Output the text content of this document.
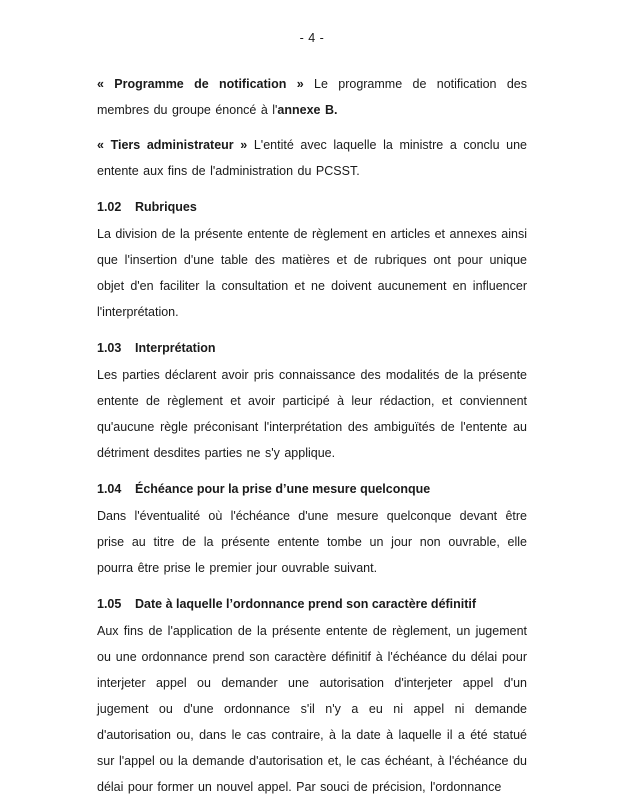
- 4 -

« Programme de notification » Le programme de notification des membres du groupe énoncé à l'annexe B.

« Tiers administrateur » L'entité avec laquelle la ministre a conclu une entente aux fins de l'administration du PCSST.

1.02	Rubriques

La division de la présente entente de règlement en articles et annexes ainsi que l'insertion d'une table des matières et de rubriques ont pour unique objet d'en faciliter la consultation et ne doivent aucunement en influencer l'interprétation.

1.03	Interprétation

Les parties déclarent avoir pris connaissance des modalités de la présente entente de règlement et avoir participé à leur rédaction, et conviennent qu'aucune règle préconisant l'interprétation des ambiguïtés de l'entente au détriment desdites parties ne s'y applique.

1.04	Échéance pour la prise d’une mesure quelconque

Dans l'éventualité où l'échéance d'une mesure quelconque devant être prise au titre de la présente entente tombe un jour non ouvrable, elle pourra être prise le premier jour ouvrable suivant.

1.05	Date à laquelle l’ordonnance prend son caractère définitif

Aux fins de l'application de la présente entente de règlement, un jugement ou une ordonnance prend son caractère définitif à l'échéance du délai pour interjeter appel ou demander une autorisation d'interjeter appel d'un jugement ou d'une ordonnance s'il n'y a eu ni appel ni demande d'autorisation ou, dans le cas contraire, à la date à laquelle il a été statué sur l'appel ou la demande d'autorisation et, le cas échéant, à l'échéance du délai pour former un nouvel appel. Par souci de précision, l'ordonnance
